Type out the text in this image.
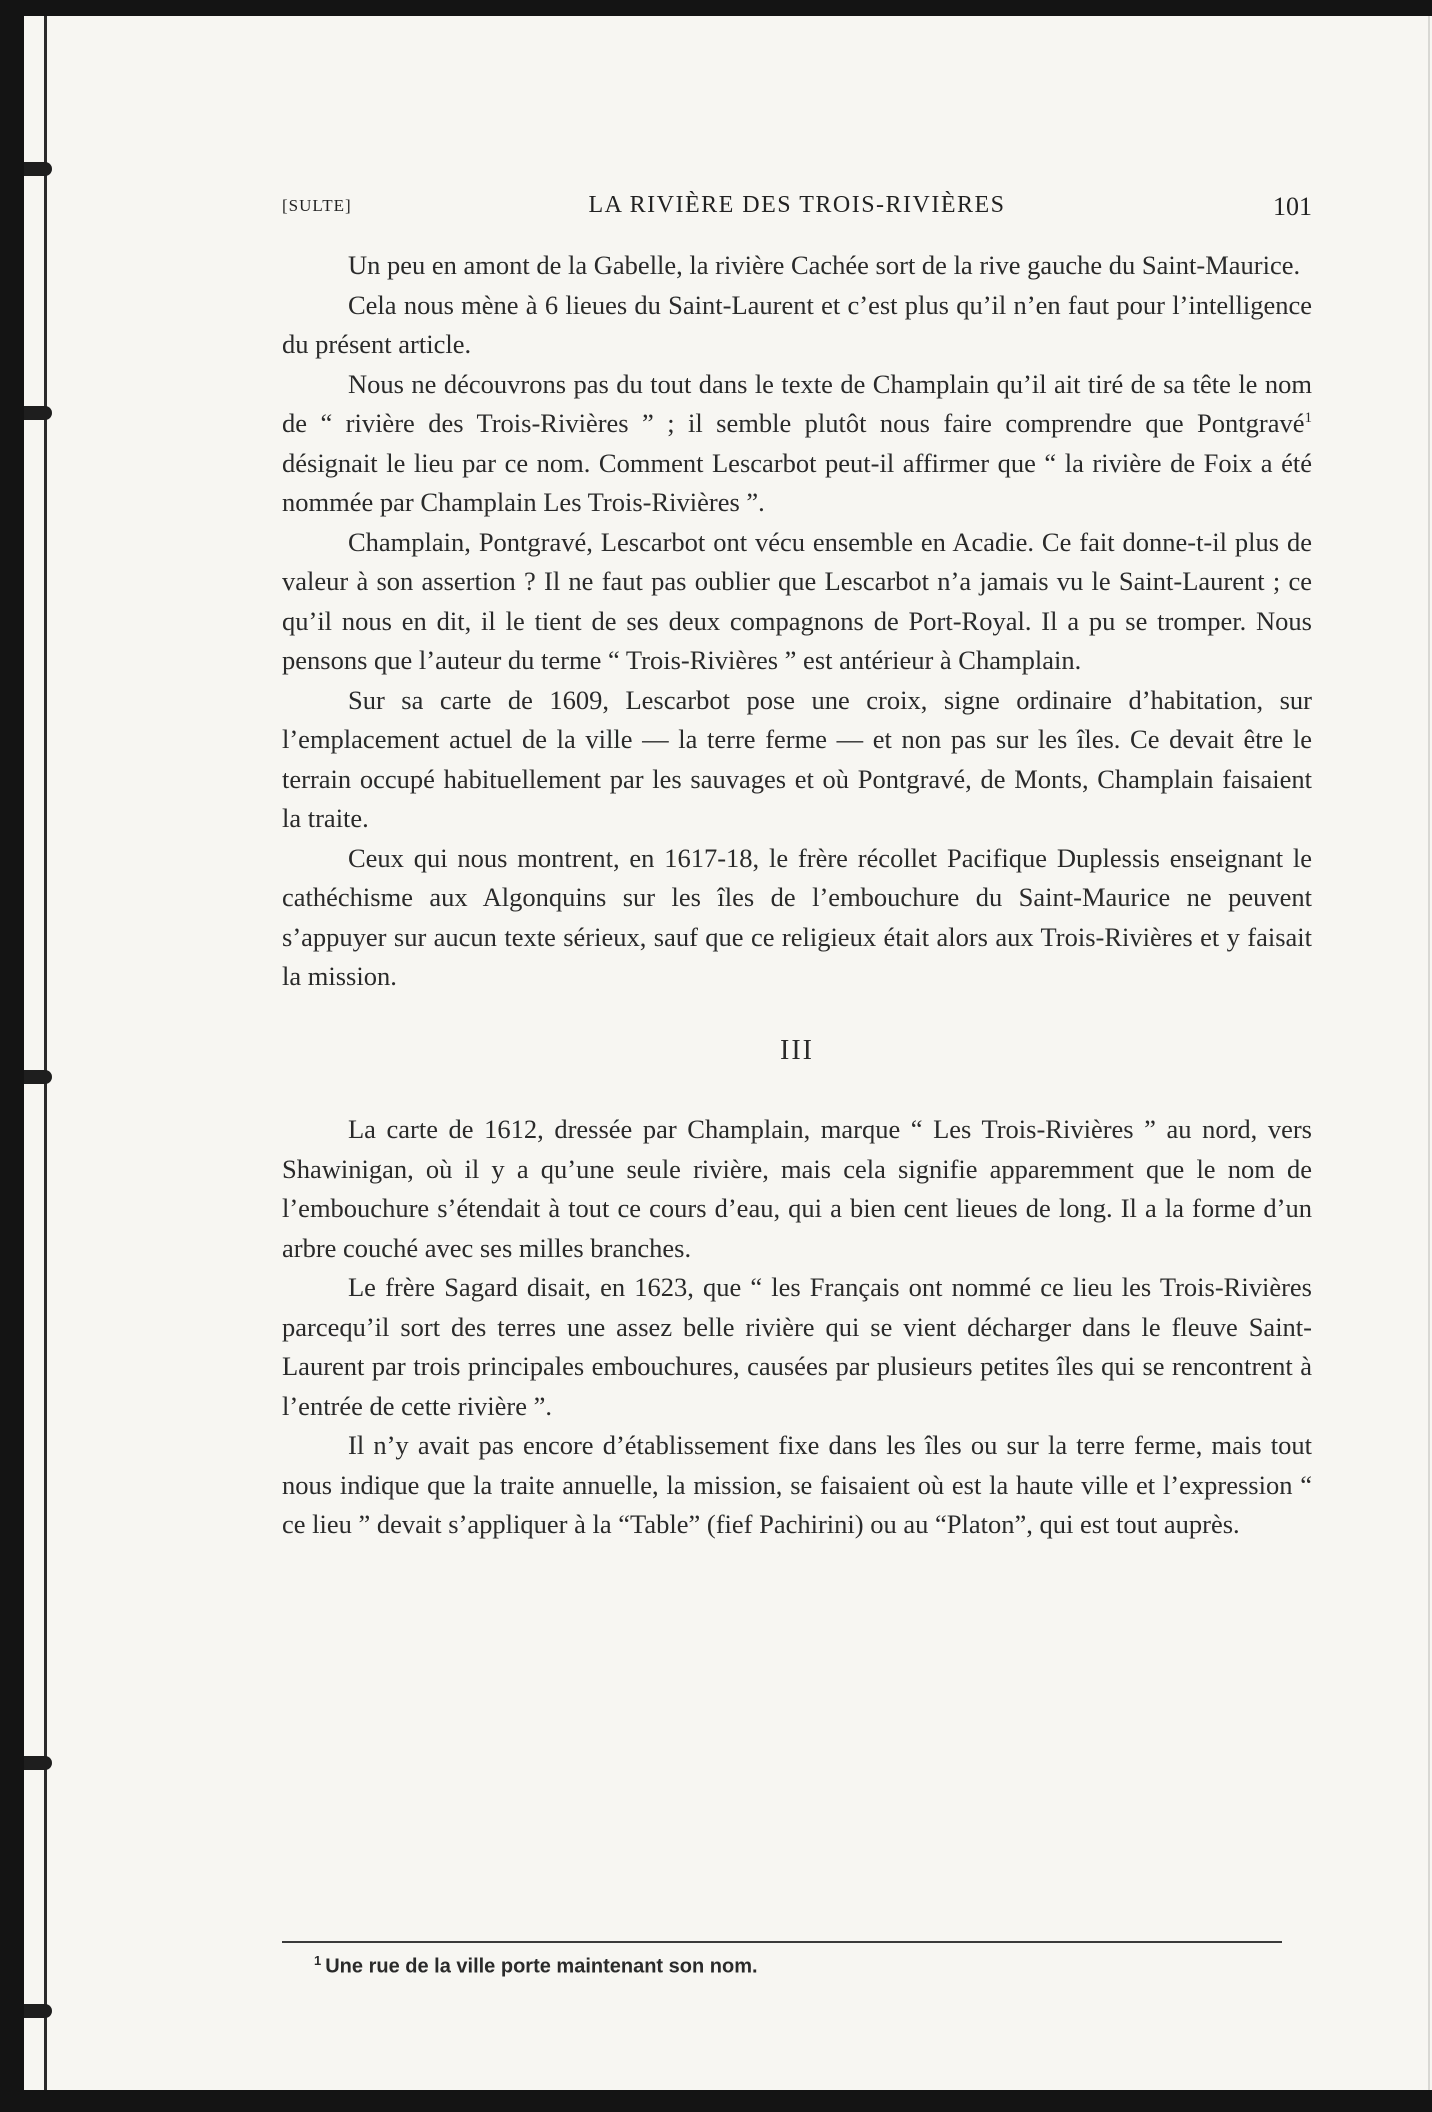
[SULTE]	LA RIVIÈRE DES TROIS-RIVIÈRES	101

Un peu en amont de la Gabelle, la rivière Cachée sort de la rive gauche du Saint-Maurice.

Cela nous mène à 6 lieues du Saint-Laurent et c’est plus qu’il n’en faut pour l’intelligence du présent article.

Nous ne découvrons pas du tout dans le texte de Champlain qu’il ait tiré de sa tête le nom de “ rivière des Trois-Rivières ” ; il semble plutôt nous faire comprendre que Pontgravé$^1$ désignait le lieu par ce nom. Comment Lescarbot peut-il affirmer que “ la rivière de Foix a été nommée par Champlain Les Trois-Rivières ”.

Champlain, Pontgravé, Lescarbot ont vécu ensemble en Acadie. Ce fait donne-t-il plus de valeur à son assertion ? Il ne faut pas oublier que Lescarbot n’a jamais vu le Saint-Laurent ; ce qu’il nous en dit, il le tient de ses deux compagnons de Port-Royal. Il a pu se tromper. Nous pensons que l’auteur du terme “ Trois-Rivières ” est antérieur à Champlain.

Sur sa carte de 1609, Lescarbot pose une croix, signe ordinaire d’habitation, sur l’emplacement actuel de la ville — la terre ferme — et non pas sur les îles. Ce devait être le terrain occupé habituellement par les sauvages et où Pontgravé, de Monts, Champlain faisaient la traite.

Ceux qui nous montrent, en 1617-18, le frère récollet Pacifique Duplessis enseignant le cathéchisme aux Algonquins sur les îles de l’embouchure du Saint-Maurice ne peuvent s’appuyer sur aucun texte sérieux, sauf que ce religieux était alors aux Trois-Rivières et y faisait la mission.

III

La carte de 1612, dressée par Champlain, marque “ Les Trois-Rivières ” au nord, vers Shawinigan, où il y a qu’une seule rivière, mais cela signifie apparemment que le nom de l’embouchure s’étendait à tout ce cours d’eau, qui a bien cent lieues de long. Il a la forme d’un arbre couché avec ses milles branches.

Le frère Sagard disait, en 1623, que “ les Français ont nommé ce lieu les Trois-Rivières parcequ’il sort des terres une assez belle rivière qui se vient décharger dans le fleuve Saint-Laurent par trois principales embouchures, causées par plusieurs petites îles qui se rencontrent à l’entrée de cette rivière ”.

Il n’y avait pas encore d’établissement fixe dans les îles ou sur la terre ferme, mais tout nous indique que la traite annuelle, la mission, se faisaient où est la haute ville et l’expression “ ce lieu ” devait s’appliquer à la “Table” (fief Pachirini) ou au “Platon”, qui est tout auprès.

$^1$ Une rue de la ville porte maintenant son nom.
